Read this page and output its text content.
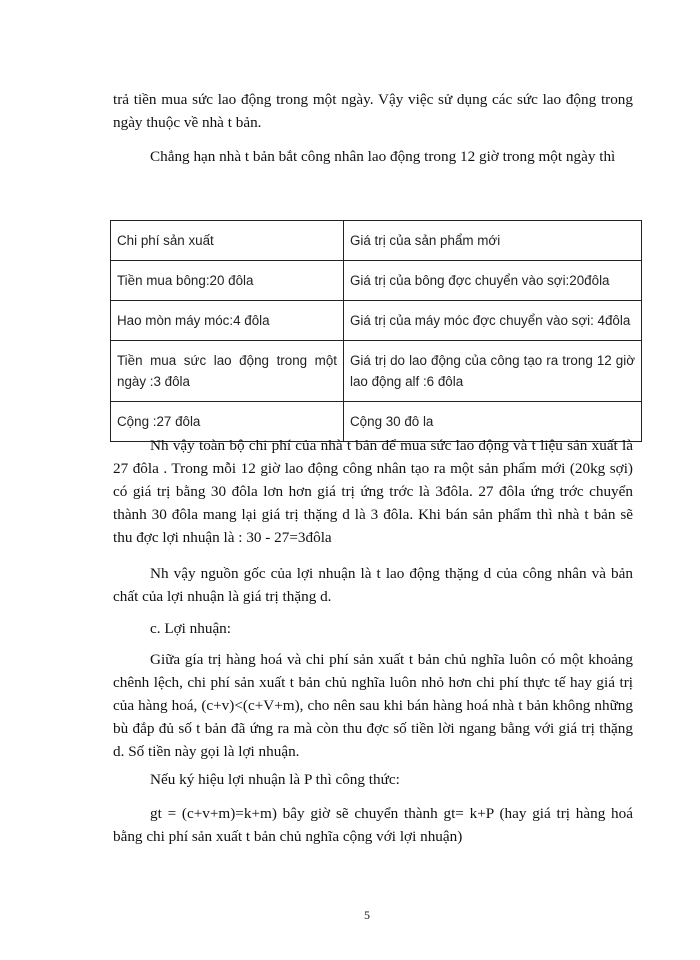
trả tiền mua sức lao động trong một ngày. Vậy việc sử dụng các sức lao động trong ngày thuộc về nhà t bản.

Chẳng hạn nhà t bản bắt công nhân lao động trong 12 giờ trong một ngày thì

Chi phí sản xuất	Giá trị của sản phẩm mới
Tiền mua bông:20 đôla	Giá trị của bông đợc chuyển vào sợi:20đôla
Hao mòn máy móc:4 đôla	Giá trị của máy móc đợc chuyển vào sợi: 4đôla
Tiền mua sức lao động trong một ngày :3 đôla	Giá trị do lao động của công tạo ra trong 12 giờ lao động alf :6 đôla
Cộng :27 đôla	Cộng 30 đô la

Nh vậy toàn bộ chi phí của nhà t bản để mua sức lao động và t liệu sản xuất là 27 đôla . Trong mỗi 12 giờ lao động công nhân tạo ra một sản phẩm mới (20kg sợi) có giá trị bằng 30 đôla lơn hơn giá trị ứng trớc là 3đôla. 27 đôla ứng trớc chuyển thành 30 đôla mang lại giá trị thặng d là 3 đôla. Khi bán sản phẩm thì nhà t bản sẽ thu đợc lợi nhuận là : 30 - 27=3đôla

Nh vậy nguồn gốc của lợi nhuận là t lao động thặng d của công nhân và bản chất của lợi nhuận là giá trị thặng d.

c. Lợi nhuận:

Giữa gía trị hàng hoá và chi phí sản xuất t bản chủ nghĩa luôn có một khoảng chênh lệch, chi phí sản xuất t bản chủ nghĩa luôn nhỏ hơn chi phí thực tế hay giá trị của hàng hoá, (c+v)<(c+V+m), cho nên sau khi bán hàng hoá nhà t bản không những bù đắp đủ số t bản đã ứng ra mà còn thu đợc số tiền lời ngang bằng với giá trị thặng d. Số tiền này gọi là lợi nhuận.

Nếu ký hiệu lợi nhuận là P thì công thức:

gt = (c+v+m)=k+m) bây giờ sẽ chuyển thành gt= k+P (hay giá trị hàng hoá bằng chi phí sản xuất t bản chủ nghĩa cộng với lợi nhuận)

5
